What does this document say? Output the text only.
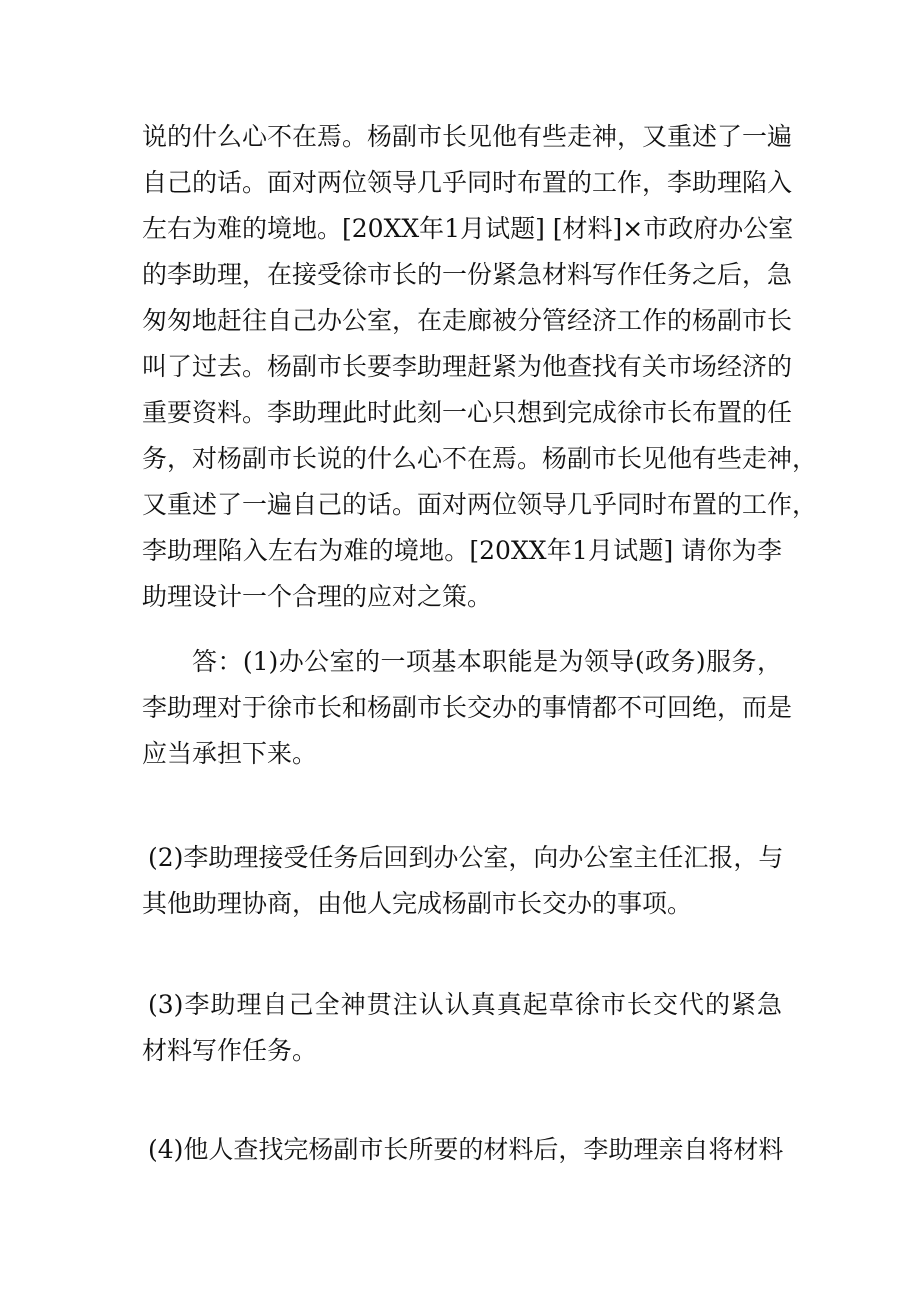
说的什么心不在焉。杨副市长见他有些走神，又重述了一遍
自己的话。面对两位领导几乎同时布置的工作，李助理陷入
左右为难的境地。[20XX年1月试题] [材料]×市政府办公室
的李助理，在接受徐市长的一份紧急材料写作任务之后，急
匆匆地赶往自己办公室，在走廊被分管经济工作的杨副市长
叫了过去。杨副市长要李助理赶紧为他查找有关市场经济的
重要资料。李助理此时此刻一心只想到完成徐市长布置的任
务，对杨副市长说的什么心不在焉。杨副市长见他有些走神，
又重述了一遍自己的话。面对两位领导几乎同时布置的工作，
李助理陷入左右为难的境地。[20XX年1月试题] 请你为李
助理设计一个合理的应对之策。
答：(1)办公室的一项基本职能是为领导(政务)服务，
李助理对于徐市长和杨副市长交办的事情都不可回绝，而是
应当承担下来。
(2)李助理接受任务后回到办公室，向办公室主任汇报，与
其他助理协商，由他人完成杨副市长交办的事项。
(3)李助理自己全神贯注认认真真起草徐市长交代的紧急
材料写作任务。
(4)他人查找完杨副市长所要的材料后，李助理亲自将材料
